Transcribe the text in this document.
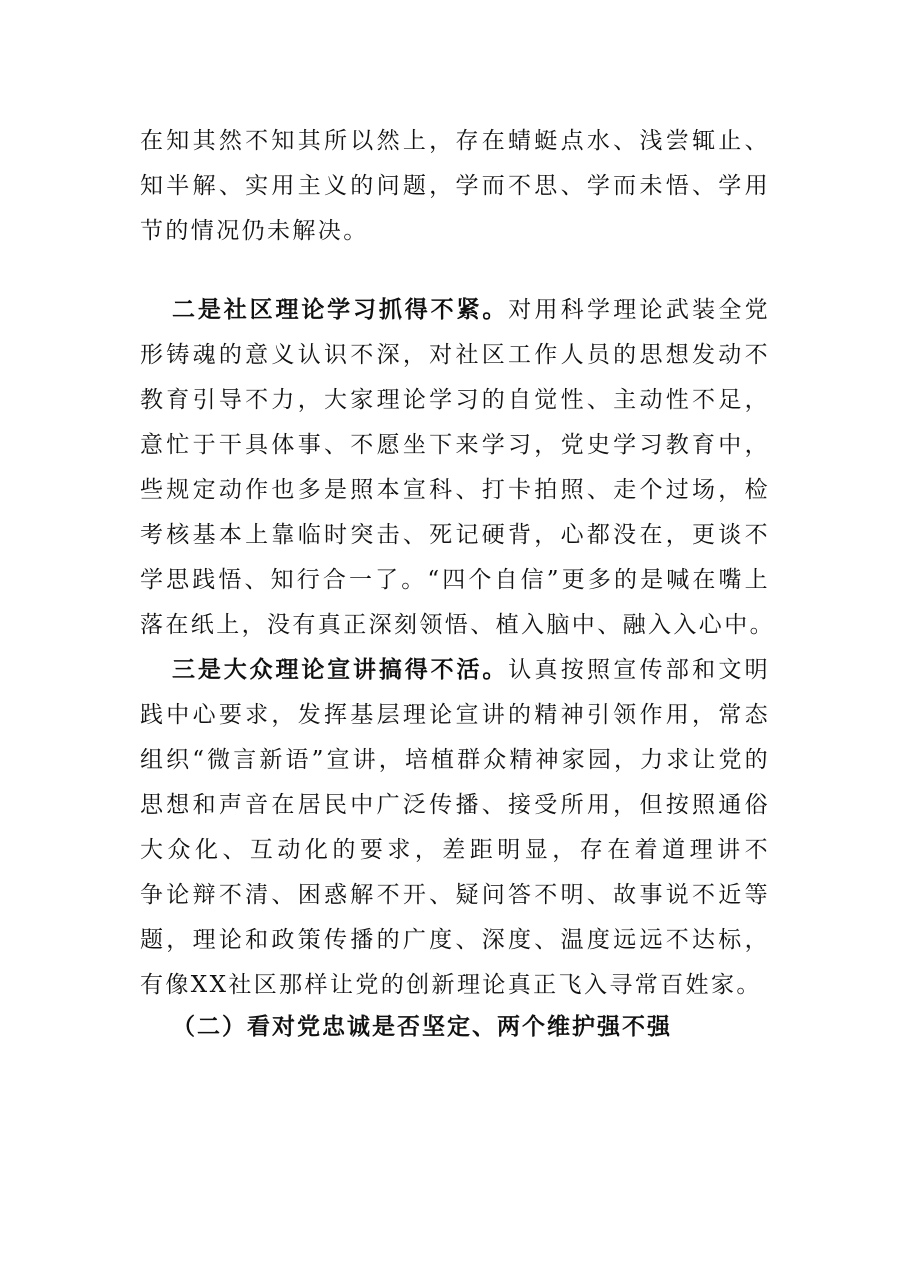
在知其然不知其所以然上，存在蜻蜓点水、浅尝辄止、
知半解、实用主义的问题，学而不思、学而未悟、学用
节的情况仍未解决。
二是社区理论学习抓得不紧。对用科学理论武装全党
形铸魂的意义认识不深，对社区工作人员的思想发动不
教育引导不力，大家理论学习的自觉性、主动性不足，
意忙于干具体事、不愿坐下来学习，党史学习教育中，
些规定动作也多是照本宣科、打卡拍照、走个过场，检
考核基本上靠临时突击、死记硬背，心都没在，更谈不
学思践悟、知行合一了。“四个自信”更多的是喊在嘴上
落在纸上，没有真正深刻领悟、植入脑中、融入入心中。
三是大众理论宣讲搞得不活。认真按照宣传部和文明
践中心要求，发挥基层理论宣讲的精神引领作用，常态
组织“微言新语”宣讲，培植群众精神家园，力求让党的
思想和声音在居民中广泛传播、接受所用，但按照通俗
大众化、互动化的要求，差距明显，存在着道理讲不
争论辩不清、困惑解不开、疑问答不明、故事说不近等
题，理论和政策传播的广度、深度、温度远远不达标，
有像XX社区那样让党的创新理论真正飞入寻常百姓家。
（二）看对党忠诚是否坚定、两个维护强不强
